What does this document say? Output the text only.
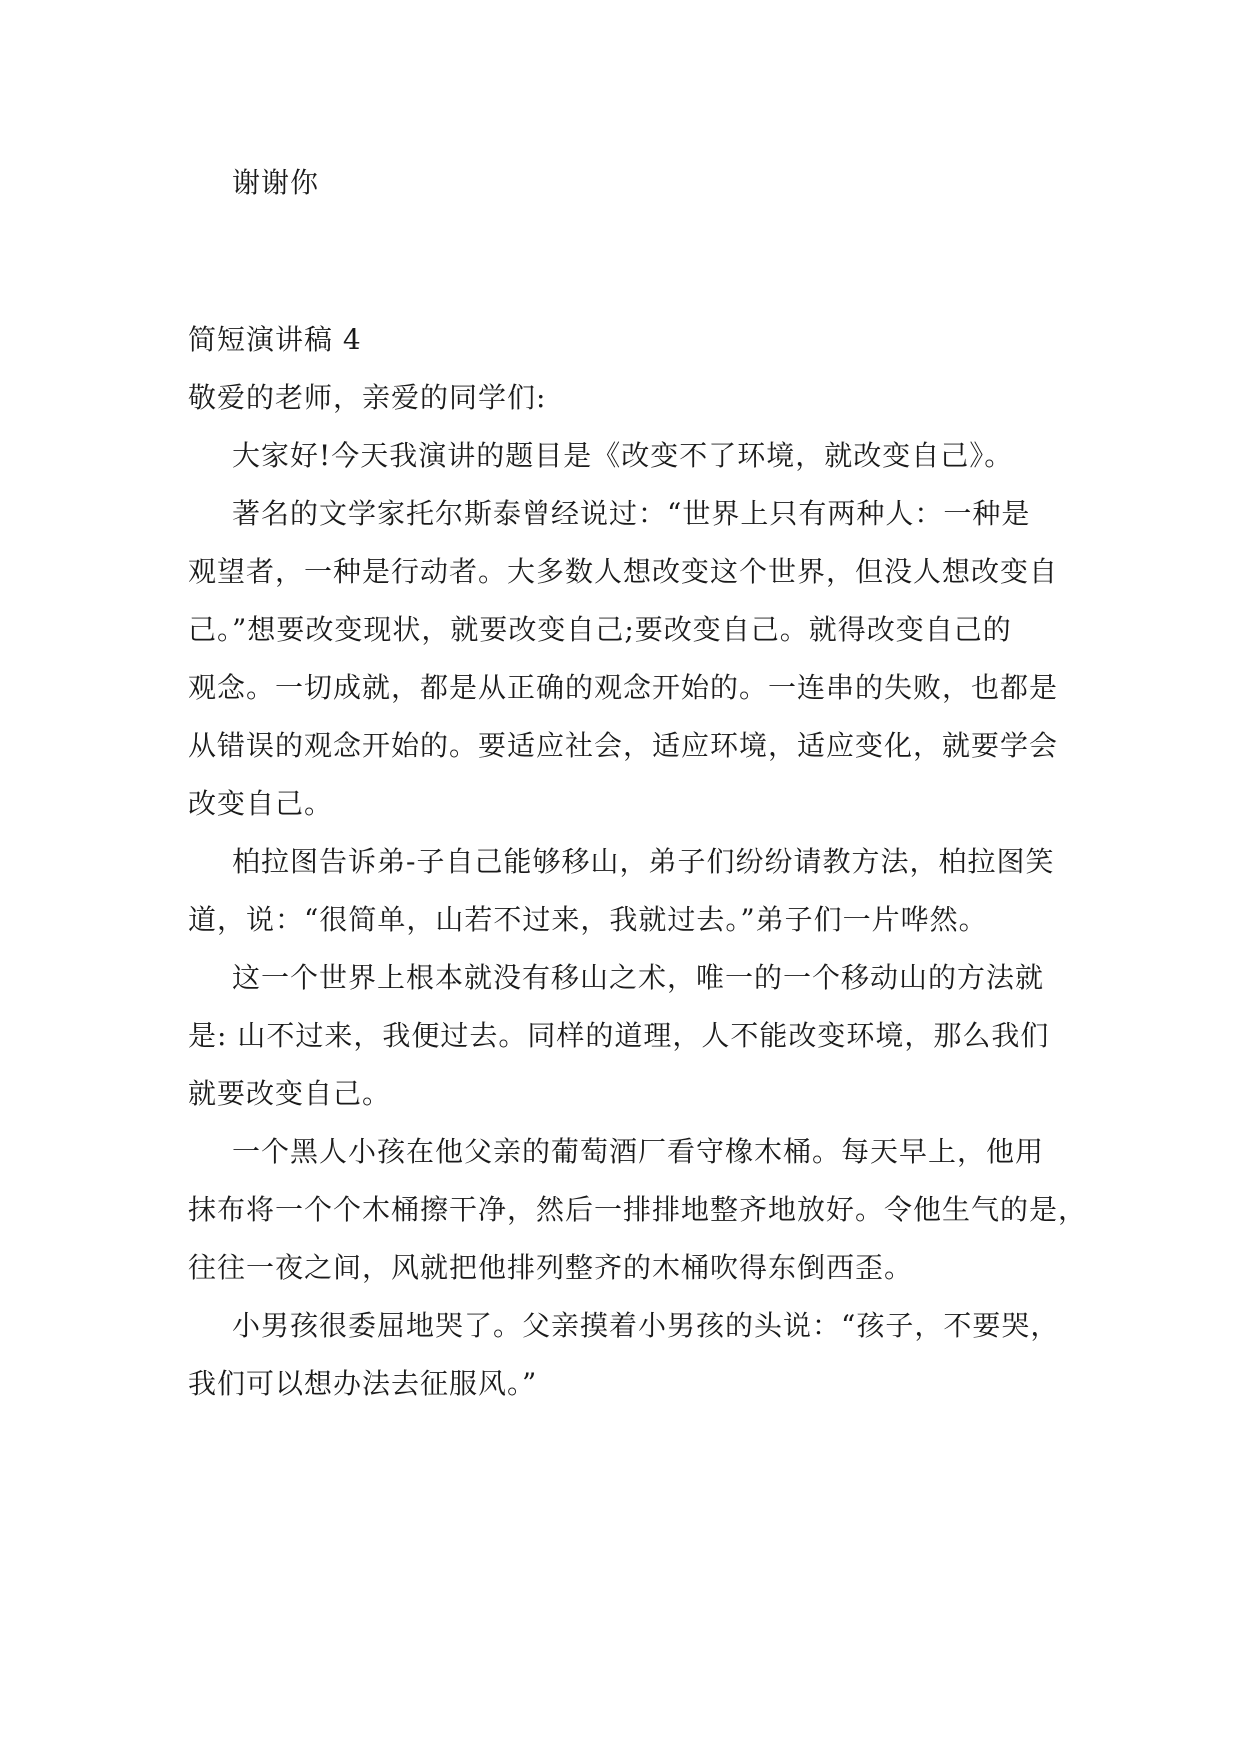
谢谢你
简短演讲稿 4
敬爱的老师，亲爱的同学们:
大家好!今天我演讲的题目是《改变不了环境，就改变自己》。
著名的文学家托尔斯泰曾经说过：“世界上只有两种人：一种是
观望者，一种是行动者。大多数人想改变这个世界，但没人想改变自
己。”想要改变现状，就要改变自己;要改变自己。就得改变自己的
观念。一切成就，都是从正确的观念开始的。一连串的失败，也都是
从错误的观念开始的。要适应社会，适应环境，适应变化，就要学会
改变自己。
柏拉图告诉弟-子自己能够移山，弟子们纷纷请教方法，柏拉图笑
道，说：“很简单，山若不过来，我就过去。”弟子们一片哗然。
这一个世界上根本就没有移山之术，唯一的一个移动山的方法就
是: 山不过来，我便过去。同样的道理，人不能改变环境，那么我们
就要改变自己。
一个黑人小孩在他父亲的葡萄酒厂看守橡木桶。每天早上，他用
抹布将一个个木桶擦干净，然后一排排地整齐地放好。令他生气的是，
往往一夜之间，风就把他排列整齐的木桶吹得东倒西歪。
小男孩很委屈地哭了。父亲摸着小男孩的头说：“孩子，不要哭，
我们可以想办法去征服风。”
